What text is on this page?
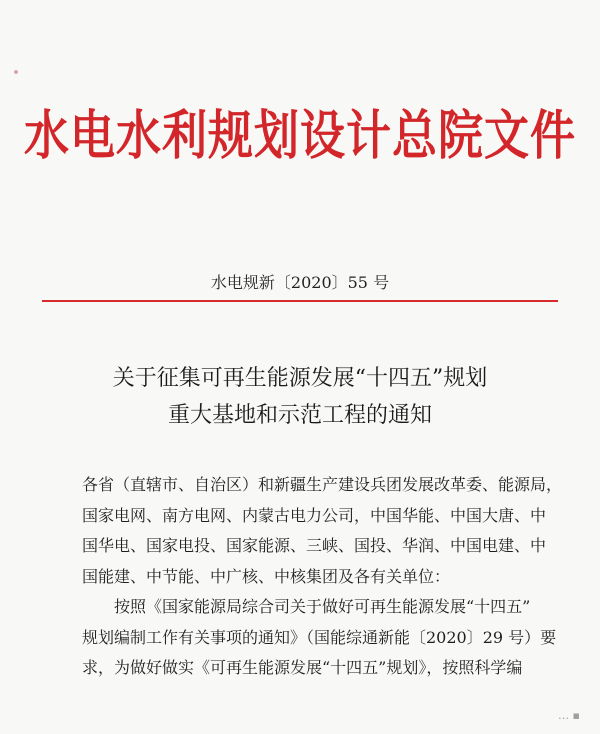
水电水利规划设计总院文件
水电规新〔2020〕55 号
关于征集可再生能源发展“十四五”规划
重大基地和示范工程的通知

各省（直辖市、自治区）和新疆生产建设兵团发展改革委、能源局，

国家电网、南方电网、内蒙古电力公司，中国华能、中国大唐、中

国华电、国家电投、国家能源、三峡、国投、华润、中国电建、中

国能建、中节能、中广核、中核集团及各有关单位：

按照《国家能源局综合司关于做好可再生能源发展“十四五”

规划编制工作有关事项的通知》（国能综通新能〔2020〕29 号）要

求，为做好做实《可再生能源发展“十四五”规划》，按照科学编

… ▪
